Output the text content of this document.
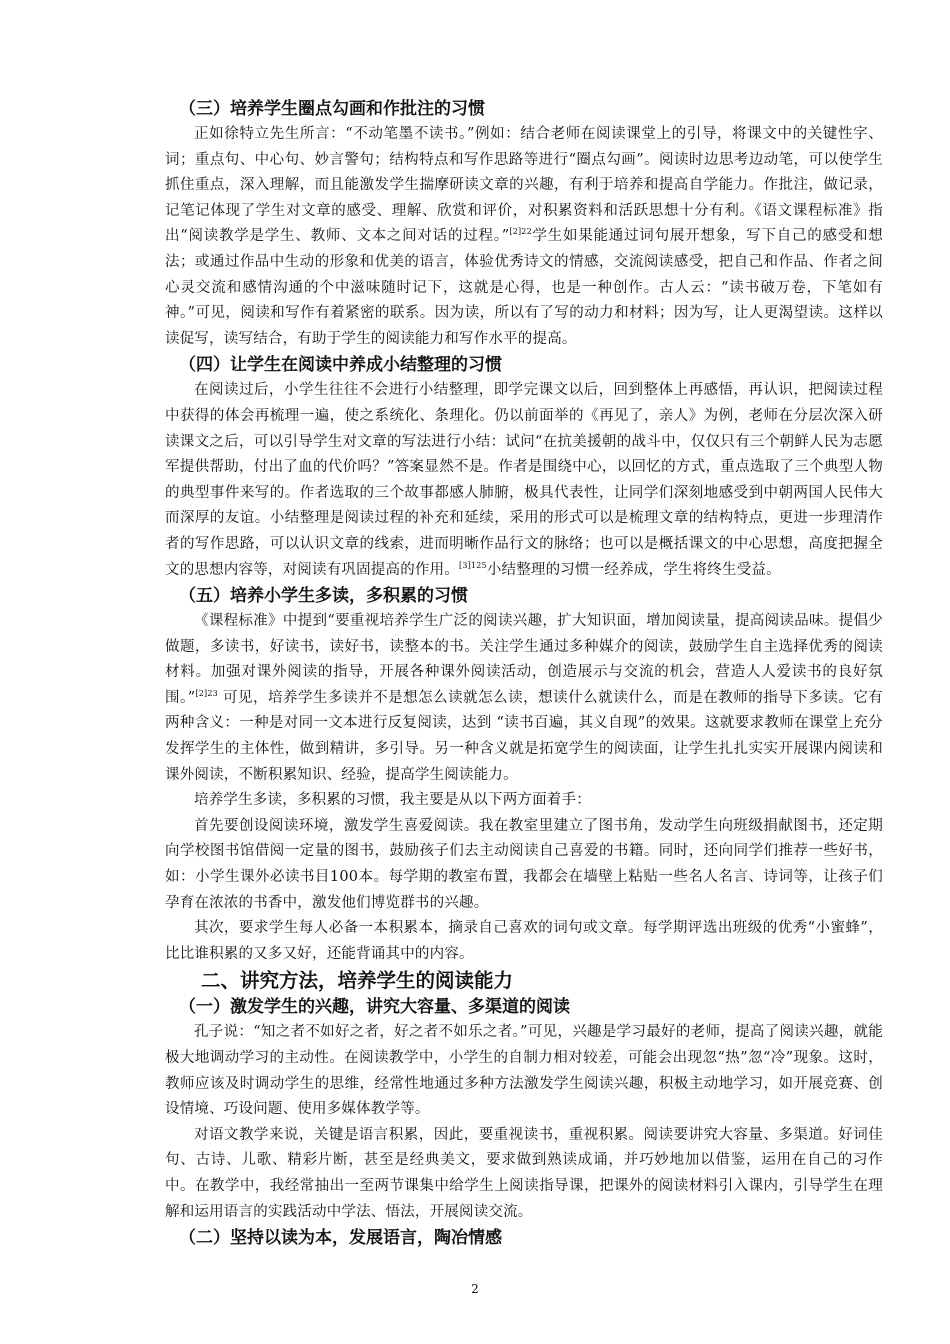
（三）培养学生圈点勾画和作批注的习惯

正如徐特立先生所言：“不动笔墨不读书。”例如：结合老师在阅读课堂上的引导，将课文中的关键性字、词；重点句、中心句、妙言警句；结构特点和写作思路等进行“圈点勾画”。阅读时边思考边动笔，可以使学生抓住重点，深入理解，而且能激发学生揣摩研读文章的兴趣，有利于培养和提高自学能力。作批注，做记录，记笔记体现了学生对文章的感受、理解、欣赏和评价，对积累资料和活跃思想十分有利。《语文课程标准》指出“阅读教学是学生、教师、文本之间对话的过程。”$^{[2]22}$学生如果能通过词句展开想象，写下自己的感受和想法；或通过作品中生动的形象和优美的语言，体验优秀诗文的情感，交流阅读感受，把自己和作品、作者之间心灵交流和感情沟通的个中滋味随时记下，这就是心得，也是一种创作。古人云：“读书破万卷，下笔如有神。”可见，阅读和写作有着紧密的联系。因为读，所以有了写的动力和材料；因为写，让人更渴望读。这样以读促写，读写结合，有助于学生的阅读能力和写作水平的提高。

（四）让学生在阅读中养成小结整理的习惯

在阅读过后，小学生往往不会进行小结整理，即学完课文以后，回到整体上再感悟，再认识，把阅读过程中获得的体会再梳理一遍，使之系统化、条理化。仍以前面举的《再见了，亲人》为例，老师在分层次深入研读课文之后，可以引导学生对文章的写法进行小结：试问“在抗美援朝的战斗中，仅仅只有三个朝鲜人民为志愿军提供帮助，付出了血的代价吗？”答案显然不是。作者是围绕中心，以回忆的方式，重点选取了三个典型人物的典型事件来写的。作者选取的三个故事都感人肺腑，极具代表性，让同学们深刻地感受到中朝两国人民伟大而深厚的友谊。小结整理是阅读过程的补充和延续，采用的形式可以是梳理文章的结构特点，更进一步理清作者的写作思路，可以认识文章的线索，进而明晰作品行文的脉络；也可以是概括课文的中心思想，高度把握全文的思想内容等，对阅读有巩固提高的作用。$^{[3]125}$小结整理的习惯一经养成，学生将终生受益。

（五）培养小学生多读，多积累的习惯

《课程标准》中提到“要重视培养学生广泛的阅读兴趣，扩大知识面，增加阅读量，提高阅读品味。提倡少做题，多读书，好读书，读好书，读整本的书。关注学生通过多种媒介的阅读，鼓励学生自主选择优秀的阅读材料。加强对课外阅读的指导，开展各种课外阅读活动，创造展示与交流的机会，营造人人爱读书的良好氛围。”$^{[2]23}$ 可见，培养学生多读并不是想怎么读就怎么读，想读什么就读什么，而是在教师的指导下多读。它有两种含义：一种是对同一文本进行反复阅读，达到 “读书百遍，其义自现”的效果。这就要求教师在课堂上充分发挥学生的主体性，做到精讲，多引导。另一种含义就是拓宽学生的阅读面，让学生扎扎实实开展课内阅读和课外阅读，不断积累知识、经验，提高学生阅读能力。

培养学生多读，多积累的习惯，我主要是从以下两方面着手：

首先要创设阅读环境，激发学生喜爱阅读。我在教室里建立了图书角，发动学生向班级捐献图书，还定期向学校图书馆借阅一定量的图书，鼓励孩子们去主动阅读自己喜爱的书籍。同时，还向同学们推荐一些好书，如：小学生课外必读书目100本。每学期的教室布置，我都会在墙壁上粘贴一些名人名言、诗词等，让孩子们孕育在浓浓的书香中，激发他们博览群书的兴趣。

其次，要求学生每人必备一本积累本，摘录自己喜欢的词句或文章。每学期评选出班级的优秀“小蜜蜂”，比比谁积累的又多又好，还能背诵其中的内容。

二、讲究方法，培养学生的阅读能力
（一）激发学生的兴趣，讲究大容量、多渠道的阅读

孔子说：“知之者不如好之者，好之者不如乐之者。”可见，兴趣是学习最好的老师，提高了阅读兴趣，就能极大地调动学习的主动性。在阅读教学中，小学生的自制力相对较差，可能会出现忽“热”忽“冷”现象。这时，教师应该及时调动学生的思维，经常性地通过多种方法激发学生阅读兴趣，积极主动地学习，如开展竞赛、创设情境、巧设问题、使用多媒体教学等。

对语文教学来说，关键是语言积累，因此，要重视读书，重视积累。阅读要讲究大容量、多渠道。好词佳句、古诗、儿歌、精彩片断，甚至是经典美文，要求做到熟读成诵，并巧妙地加以借鉴，运用在自己的习作中。在教学中，我经常抽出一至两节课集中给学生上阅读指导课，把课外的阅读材料引入课内，引导学生在理解和运用语言的实践活动中学法、悟法，开展阅读交流。

（二）坚持以读为本，发展语言，陶冶情感
2
